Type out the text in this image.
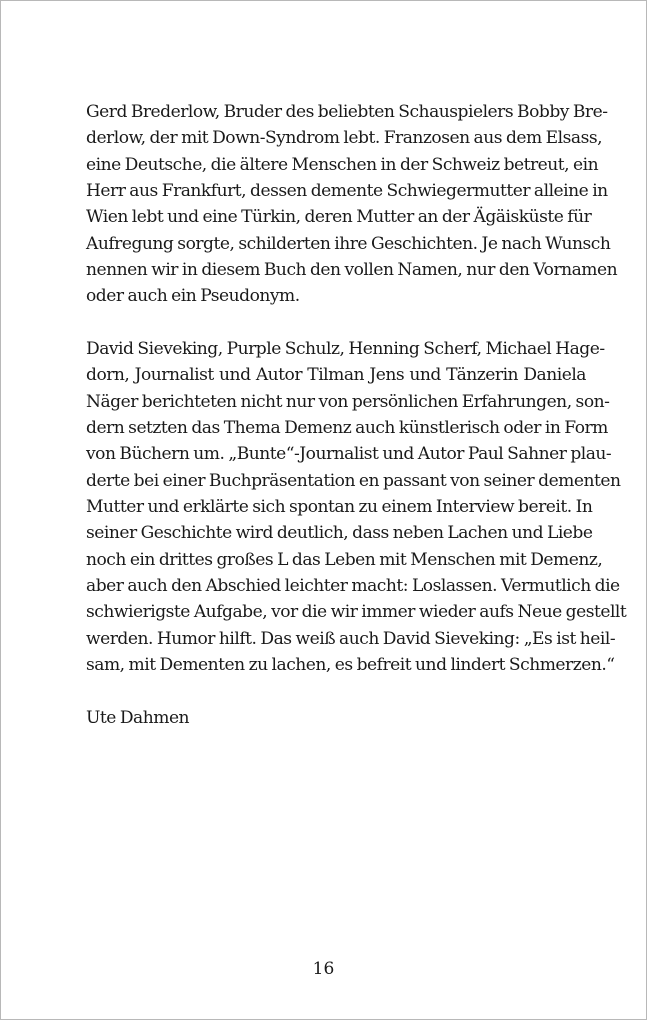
Gerd Brederlow, Bruder des beliebten Schauspielers Bobby Bre-
derlow, der mit Down-Syndrom lebt. Franzosen aus dem Elsass,
eine Deutsche, die ältere Menschen in der Schweiz betreut, ein
Herr aus Frankfurt, dessen demente Schwiegermutter alleine in
Wien lebt und eine Türkin, deren Mutter an der Ägäisküste für
Aufregung sorgte, schilderten ihre Geschichten. Je nach Wunsch
nennen wir in diesem Buch den vollen Namen, nur den Vornamen
oder auch ein Pseudonym.
David Sieveking, Purple Schulz, Henning Scherf, Michael Hage-
dorn, Journalist und Autor Tilman Jens und Tänzerin Daniela
Näger berichteten nicht nur von persönlichen Erfahrungen, son-
dern setzten das Thema Demenz auch künstlerisch oder in Form
von Büchern um. „Bunte“-Journalist und Autor Paul Sahner plau-
derte bei einer Buchpräsentation en passant von seiner dementen
Mutter und erklärte sich spontan zu einem Interview bereit. In
seiner Geschichte wird deutlich, dass neben Lachen und Liebe
noch ein drittes großes L das Leben mit Menschen mit Demenz,
aber auch den Abschied leichter macht: Loslassen. Vermutlich die
schwierigste Aufgabe, vor die wir immer wieder aufs Neue gestellt
werden. Humor hilft. Das weiß auch David Sieveking: „Es ist heil-
sam, mit Dementen zu lachen, es befreit und lindert Schmerzen.“
Ute Dahmen
16
